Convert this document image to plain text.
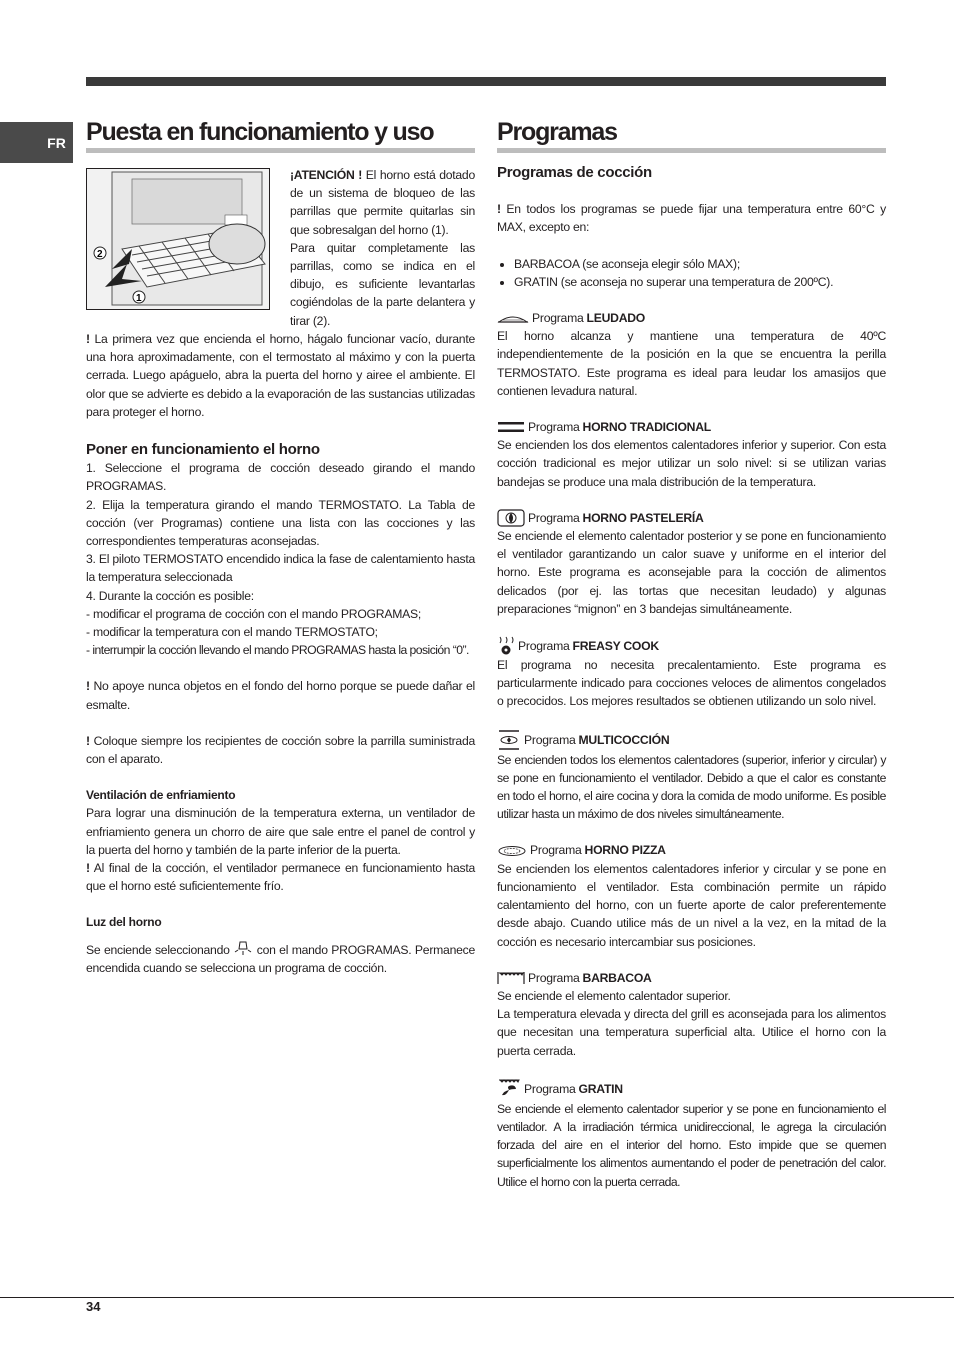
FR Puesta en funcionamiento y uso
2
1

¡ATENCIÓN ! El horno está dotado de un sistema de bloqueo de las parrillas que permite quitarlas sin que sobresalgan del horno (1).

Para quitar completamente las parrillas, como se indica en el dibujo, es suficiente levantarlas cogiéndolas de la parte delantera y tirar (2).

! La primera vez que encienda el horno, hágalo funcionar vacío, durante una hora aproximadamente, con el termostato al máximo y con la puerta cerrada. Luego apáguelo, abra la puerta del horno y airee el ambiente. El olor que se advierte es debido a la evaporación de las sustancias utilizadas para proteger el horno.

Poner en funcionamiento el horno

1. Seleccione el programa de cocción deseado girando el mando PROGRAMAS.

2. Elija la temperatura girando el mando TERMOSTATO. La Tabla de cocción (ver Programas) contiene una lista con las cocciones y las correspondientes temperaturas aconsejadas.

3. El piloto TERMOSTATO encendido indica la fase de calentamiento hasta la temperatura seleccionada

4. Durante la cocción es posible:

- modificar el programa de cocción con el mando PROGRAMAS;

- modificar la temperatura con el mando TERMOSTATO;

- interrumpir la cocción llevando el mando PROGRAMAS hasta la posición “0”.

! No apoye nunca objetos en el fondo del horno porque se puede dañar el esmalte.

! Coloque siempre los recipientes de cocción sobre la parrilla suministrada con el aparato.

Ventilación de enfriamiento

Para lograr una disminución de la temperatura externa, un ventilador de enfriamiento genera un chorro de aire que sale entre el panel de control y la puerta del horno y también de la parte inferior de la puerta.

! Al final de la cocción, el ventilador permanece en funcionamiento hasta que el horno esté suficientemente frío.

Luz del horno

Se enciende seleccionando con el mando PROGRAMAS. Permanece encendida cuando se selecciona un programa de cocción.

Programas

Programas de cocción

! En todos los programas se puede fijar una temperatura entre 60°C y MAX, excepto en:

• BARBACOA (se aconseja elegir sólo MAX);
• GRATIN (se aconseja no superar una temperatura de 200ºC).

Programa LEUDADO

El horno alcanza y mantiene una temperatura de 40ºC independientemente de la posición en la que se encuentra la perilla TERMOSTATO. Este programa es ideal para leudar los amasijos que contienen levadura natural.

Programa HORNO TRADICIONAL

Se encienden los dos elementos calentadores inferior y superior. Con esta cocción tradicional es mejor utilizar un solo nivel: si se utilizan varias bandejas se produce una mala distribución de la temperatura.

Programa HORNO PASTELERÍA

Se enciende el elemento calentador posterior y se pone en funcionamiento el ventilador garantizando un calor suave y uniforme en el interior del horno. Este programa es aconsejable para la cocción de alimentos delicados (por ej. las tortas que necesitan leudado) y algunas preparaciones “mignon” en 3 bandejas simultáneamente.

Programa FREASY COOK

El programa no necesita precalentamiento. Este programa es particularmente indicado para cocciones veloces de alimentos congelados o precocidos. Los mejores resultados se obtienen utilizando un solo nivel.

Programa MULTICOCCIÓN

Se encienden todos los elementos calentadores (superior, inferior y circular) y se pone en funcionamiento el ventilador. Debido a que el calor es constante en todo el horno, el aire cocina y dora la comida de modo uniforme. Es posible utilizar hasta un máximo de dos niveles simultáneamente.

Programa HORNO PIZZA

Se encienden los elementos calentadores inferior y circular y se pone en funcionamiento el ventilador. Esta combinación permite un rápido calentamiento del horno, con un fuerte aporte de calor preferentemente desde abajo. Cuando utilice más de un nivel a la vez, en la mitad de la cocción es necesario intercambiar sus posiciones.

Programa BARBACOA

Se enciende el elemento calentador superior.

La temperatura elevada y directa del grill es aconsejada para los alimentos que necesitan una temperatura superficial alta. Utilice el horno con la puerta cerrada.

Programa GRATIN

Se enciende el elemento calentador superior y se pone en funcionamiento el ventilador. A la irradiación térmica unidireccional, le agrega la circulación forzada del aire en el interior del horno. Esto impide que se quemen superficialmente los alimentos aumentando el poder de penetración del calor. Utilice el horno con la puerta cerrada.

34
